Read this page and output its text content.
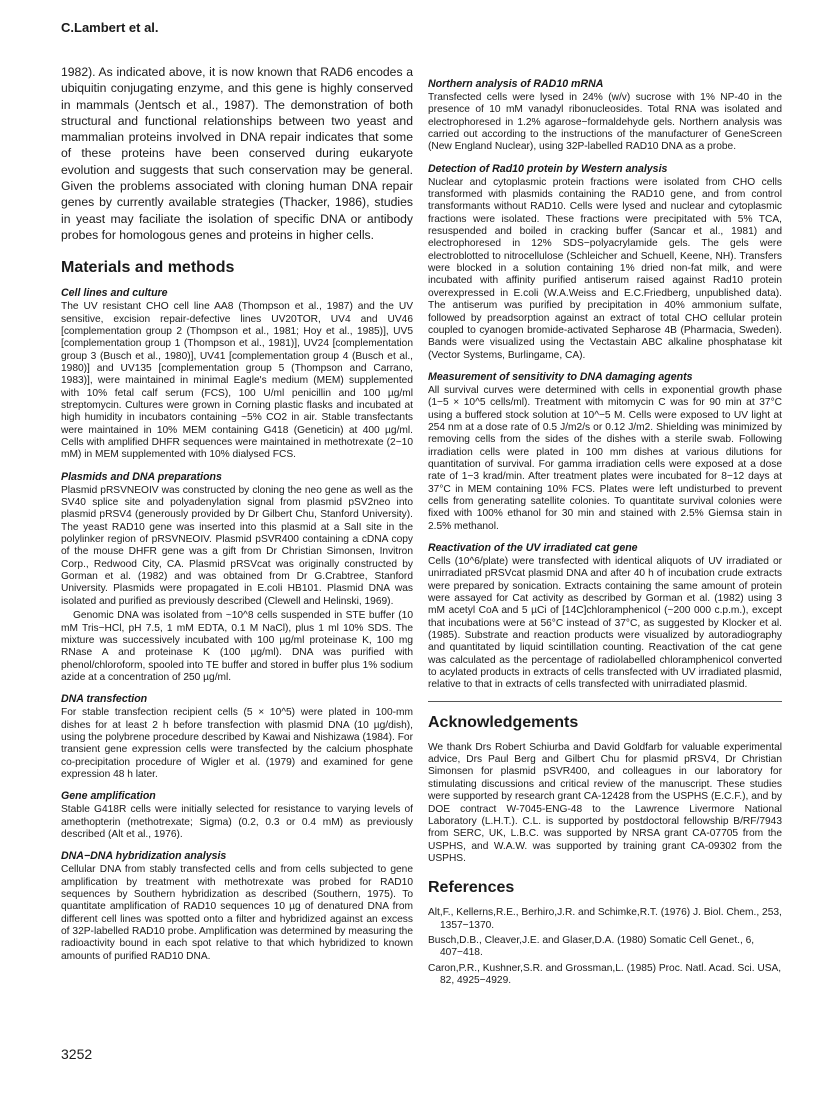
C.Lambert et al.

1982). As indicated above, it is now known that RAD6 encodes a ubiquitin conjugating enzyme, and this gene is highly conserved in mammals (Jentsch et al., 1987). The demonstration of both structural and functional relationships between two yeast and mammalian proteins involved in DNA repair indicates that some of these proteins have been conserved during eukaryote evolution and suggests that such conservation may be general. Given the problems associated with cloning human DNA repair genes by currently available strategies (Thacker, 1986), studies in yeast may faciliate the isolation of specific DNA or antibody probes for homologous genes and proteins in higher cells.

Materials and methods
Cell lines and culture

The UV resistant CHO cell line AA8 (Thompson et al., 1987) and the UV sensitive, excision repair-defective lines UV20TOR, UV4 and UV46 [complementation group 2 (Thompson et al., 1981; Hoy et al., 1985)], UV5 [complementation group 1 (Thompson et al., 1981)], UV24 [complementation group 3 (Busch et al., 1980)], UV41 [complementation group 4 (Busch et al., 1980)] and UV135 [complementation group 5 (Thompson and Carrano, 1983)], were maintained in minimal Eagle's medium (MEM) supplemented with 10% fetal calf serum (FCS), 100 U/ml penicillin and 100 µg/ml streptomycin. Cultures were grown in Corning plastic flasks and incubated at high humidity in incubators containing ~5% CO2 in air. Stable transfectants were maintained in 10% MEM containing G418 (Geneticin) at 400 µg/ml. Cells with amplified DHFR sequences were maintained in methotrexate (2−10 mM) in MEM supplemented with 10% dialysed FCS.

Plasmids and DNA preparations

Plasmid pRSVNEOIV was constructed by cloning the neo gene as well as the SV40 splice site and polyadenylation signal from plasmid pSV2neo into plasmid pRSV4 (generously provided by Dr Gilbert Chu, Stanford University). The yeast RAD10 gene was inserted into this plasmid at a SalI site in the polylinker region of pRSVNEOIV. Plasmid pSVR400 containing a cDNA copy of the mouse DHFR gene was a gift from Dr Christian Simonsen, Invitron Corp., Redwood City, CA. Plasmid pRSVcat was originally constructed by Gorman et al. (1982) and was obtained from Dr G.Crabtree, Stanford University. Plasmids were propagated in E.coli HB101. Plasmid DNA was isolated and purified as previously described (Clewell and Helinski, 1969).

Genomic DNA was isolated from ~10^8 cells suspended in STE buffer (10 mM Tris−HCl, pH 7.5, 1 mM EDTA, 0.1 M NaCl), plus 1 ml 10% SDS. The mixture was successively incubated with 100 µg/ml proteinase K, 100 mg RNase A and proteinase K (100 µg/ml). DNA was purified with phenol/chloroform, spooled into TE buffer and stored in buffer plus 1% sodium azide at a concentration of 250 µg/ml.

DNA transfection

For stable transfection recipient cells (5 × 10^5) were plated in 100-mm dishes for at least 2 h before transfection with plasmid DNA (10 µg/dish), using the polybrene procedure described by Kawai and Nishizawa (1984). For transient gene expression cells were transfected by the calcium phosphate co-precipitation procedure of Wigler et al. (1979) and examined for gene expression 48 h later.

Gene amplification

Stable G418R cells were initially selected for resistance to varying levels of amethopterin (methotrexate; Sigma) (0.2, 0.3 or 0.4 mM) as previously described (Alt et al., 1976).

DNA−DNA hybridization analysis

Cellular DNA from stably transfected cells and from cells subjected to gene amplification by treatment with methotrexate was probed for RAD10 sequences by Southern hybridization as described (Southern, 1975). To quantitate amplification of RAD10 sequences 10 µg of denatured DNA from different cell lines was spotted onto a filter and hybridized against an excess of 32P-labelled RAD10 probe. Amplification was determined by measuring the radioactivity bound in each spot relative to that which hybridized to known amounts of purified RAD10 DNA.

Northern analysis of RAD10 mRNA

Transfected cells were lysed in 24% (w/v) sucrose with 1% NP-40 in the presence of 10 mM vanadyl ribonucleosides. Total RNA was isolated and electrophoresed in 1.2% agarose−formaldehyde gels. Northern analysis was carried out according to the instructions of the manufacturer of GeneScreen (New England Nuclear), using 32P-labelled RAD10 DNA as a probe.

Detection of Rad10 protein by Western analysis

Nuclear and cytoplasmic protein fractions were isolated from CHO cells transformed with plasmids containing the RAD10 gene, and from control transformants without RAD10. Cells were lysed and nuclear and cytoplasmic fractions were isolated. These fractions were precipitated with 5% TCA, resuspended and boiled in cracking buffer (Sancar et al., 1981) and electrophoresed in 12% SDS−polyacrylamide gels. The gels were electroblotted to nitrocellulose (Schleicher and Schuell, Keene, NH). Transfers were blocked in a solution containing 1% dried non-fat milk, and were incubated with affinity purified antiserum raised against Rad10 protein overexpressed in E.coli (W.A.Weiss and E.C.Friedberg, unpublished data). The antiserum was purified by precipitation in 40% ammonium sulfate, followed by preadsorption against an extract of total CHO cellular protein coupled to cyanogen bromide-activated Sepharose 4B (Pharmacia, Sweden). Bands were visualized using the Vectastain ABC alkaline phosphatase kit (Vector Systems, Burlingame, CA).

Measurement of sensitivity to DNA damaging agents

All survival curves were determined with cells in exponential growth phase (1−5 × 10^5 cells/ml). Treatment with mitomycin C was for 90 min at 37°C using a buffered stock solution at 10^−5 M. Cells were exposed to UV light at 254 nm at a dose rate of 0.5 J/m2/s or 0.12 J/m2. Shielding was minimized by removing cells from the sides of the dishes with a sterile swab. Following irradiation cells were plated in 100 mm dishes at various dilutions for quantitation of survival. For gamma irradiation cells were exposed at a dose rate of 1−3 krad/min. After treatment plates were incubated for 8−12 days at 37°C in MEM containing 10% FCS. Plates were left undisturbed to prevent cells from generating satellite colonies. To quantitate survival colonies were fixed with 100% ethanol for 30 min and stained with 2.5% Giemsa stain in 2.5% methanol.

Reactivation of the UV irradiated cat gene

Cells (10^6/plate) were transfected with identical aliquots of UV irradiated or unirradiated pRSVcat plasmid DNA and after 40 h of incubation crude extracts were prepared by sonication. Extracts containing the same amount of protein were assayed for Cat activity as described by Gorman et al. (1982) using 3 mM acetyl CoA and 5 µCi of [14C]chloramphenicol (~200 000 c.p.m.), except that incubations were at 56°C instead of 37°C, as suggested by Klocker et al. (1985). Substrate and reaction products were visualized by autoradiography and quantitated by liquid scintillation counting. Reactivation of the cat gene was calculated as the percentage of radiolabelled chloramphenicol converted to acylated products in extracts of cells transfected with UV irradiated plasmid, relative to that in extracts of cells transfected with unirradiated plasmid.

Acknowledgements

We thank Drs Robert Schiurba and David Goldfarb for valuable experimental advice, Drs Paul Berg and Gilbert Chu for plasmid pRSV4, Dr Christian Simonsen for plasmid pSVR400, and colleagues in our laboratory for stimulating discussions and critical review of the manuscript. These studies were supported by research grant CA-12428 from the USPHS (E.C.F.), and by DOE contract W-7045-ENG-48 to the Lawrence Livermore National Laboratory (L.H.T.). C.L. is supported by postdoctoral fellowship B/RF/7943 from SERC, UK, L.B.C. was supported by NRSA grant CA-07705 from the USPHS, and W.A.W. was supported by training grant CA-09302 from the USPHS.

References

Alt,F., Kellerns,R.E., Berhiro,J.R. and Schimke,R.T. (1976) J. Biol. Chem., 253, 1357−1370.

Busch,D.B., Cleaver,J.E. and Glaser,D.A. (1980) Somatic Cell Genet., 6, 407−418.

Caron,P.R., Kushner,S.R. and Grossman,L. (1985) Proc. Natl. Acad. Sci. USA, 82, 4925−4929.

3252
